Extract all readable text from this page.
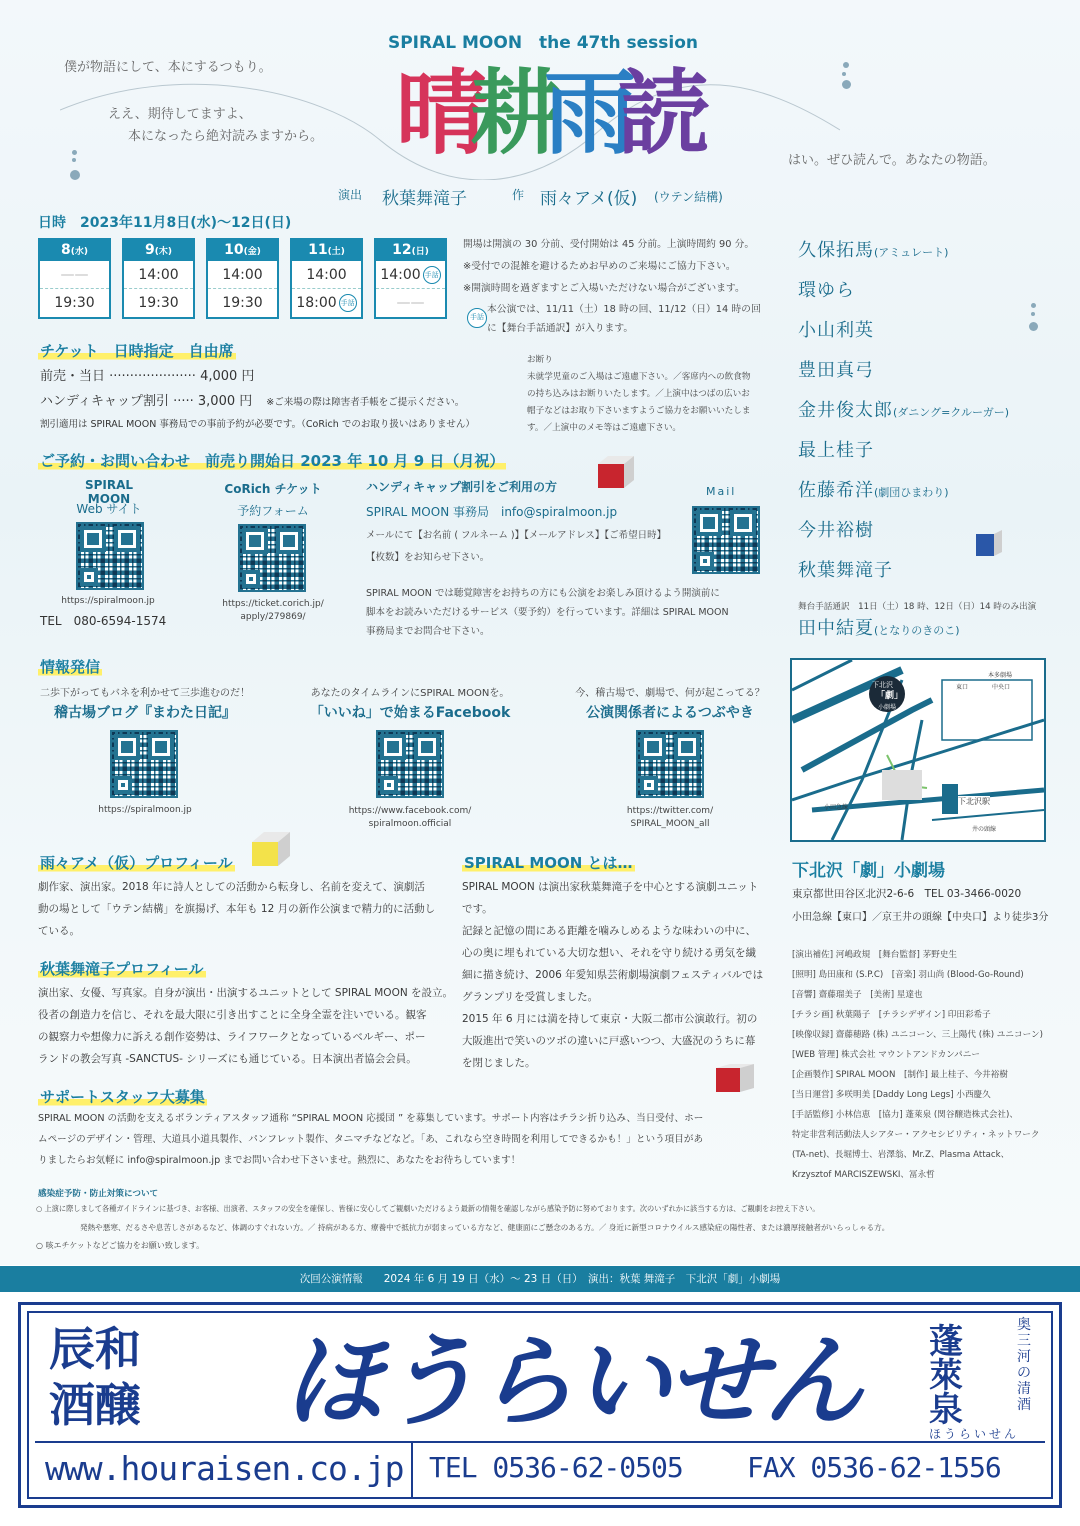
SPIRAL MOON　the 47th session
僕が物語にして、本にするつもり。
ええ、期待してますよ、
本になったら絶対読みますから。
はい。ぜひ読んで。あなたの物語。
晴
耕
雨
読
演出 秋葉舞滝子	作 雨々アメ(仮) (ウテン結構)
日時　2023年11月8日(水)〜12日(日)
8(水)
——
19:30
9(木)
14:00
19:30
10(金)
14:00
19:30
11(土)
14:00
18:00 手話
12(日)
14:00 手話
——
開場は開演の 30 分前、受付開始は 45 分前。上演時間約 90 分。
※受付での混雑を避けるためお早めのご来場にご協力下さい。
※開演時間を過ぎますとご入場いただけない場合がございます。
手話
本公演では、11/11（土）18 時の回、11/12（日）14 時の回
に【舞台手話通訳】が入ります。
チケット　日時指定　自由席
前売・当日 ····················· 4,000 円
ハンディキャップ割引 ····· 3,000 円 ※ご来場の際は障害者手帳をご提示ください。
割引適用は SPIRAL MOON 事務局での事前予約が必要です。（CoRich でのお取り扱いはありません）
お断り
未就学児童のご入場はご遠慮下さい。／客席内への飲食物
の持ち込みはお断りいたします。／上演中はつばの広いお
帽子などはお取り下さいますようご協力をお願いいたしま
す。／上演中のメモ等はご遠慮下さい。
ご予約・お問い合わせ　前売り開始日 2023 年 10 月 9 日（月祝）
SPIRAL MOON
Web サイト
https://spiralmoon.jp
TEL　080-6594-1574
CoRich チケット
予約フォーム
https://ticket.corich.jp/
apply/279869/
ハンディキャップ割引をご利用の方
SPIRAL MOON 事務局　info@spiralmoon.jp
メールにて【お名前 ( フルネーム )】【メールアドレス】【ご希望日時】
【枚数】をお知らせ下さい。
Mail
SPIRAL MOON では聴覚障害をお持ちの方にも公演をお楽しみ頂けるよう開演前に
脚本をお読みいただけるサービス（要予約）を行っています。詳細は SPIRAL MOON
事務局までお問合せ下さい。
情報発信
二歩下がってもバネを利かせて三歩進むのだ！
稽古場ブログ『まわた日記』
https://spiralmoon.jp
あなたのタイムラインにSPIRAL MOONを。
「いいね」で始まるFacebook
https://www.facebook.com/
spiralmoon.official
今、稽古場で、劇場で、何が起こってる？
公演関係者によるつぶやき
https://twitter.com/
SPIRAL_MOON_all
久保拓馬(アミュレート)
環ゆら
小山利英
豊田真弓
金井俊太郎(ダニング=クルーガー)
最上桂子
佐藤希洋(劇団ひまわり)
今井裕樹
秋葉舞滝子
舞台手話通訳　11日（土）18 時、12日（日）14 時のみ出演
田中結夏(となりのきのこ)
下北沢
「劇」
小劇場
小田急線
東口	中央口
下北沢駅
井の頭線
本多劇場
下北沢「劇」小劇場
東京都世田谷区北沢2-6-6　TEL 03-3466-0020
小田急線【東口】／京王井の頭線【中央口】より徒歩3分
[演出補佐] 河嶋政規　[舞台監督] 茅野史生
[照明] 島田康和 (S.P.C)　[音楽] 羽山尚 (Blood-Go-Round)
[音響] 齋藤瑠美子　[美術] 星達也
[チラシ画] 秋葉陽子　[チラシデザイン] 印田彩希子
[映像収録] 齋藤穂路 (株) ユニコーン、三上陽代 (株) ユニコーン)
[WEB 管理] 株式会社 マウントアンドカンパニー
[企画製作] SPIRAL MOON　[制作] 最上桂子、今井裕樹
[当日運営] 多咲明美 [Daddy Long Legs] 小西慶久
[手話監修] 小林信恵　[協力] 蓬萊泉 (関谷醸造株式会社)、
特定非営利活動法人シアター・アクセシビリティ・ネットワーク
(TA-net)、長堀博士、岩澤翁、Mr.Z、Plasma Attack、
Krzysztof MARCISZEWSKI、冨永哲
雨々アメ（仮）プロフィール
劇作家、演出家。2018 年に詩人としての活動から転身し、名前を変えて、演劇活
動の場として「ウテン結構」を旗揚げ、本年も 12 月の新作公演まで精力的に活動し
ている。
秋葉舞滝子プロフィール
演出家、女優、写真家。自身が演出・出演するユニットとして SPIRAL MOON を設立。
役者の創造力を信じ、それを最大限に引き出すことに全身全霊を注いでいる。観客
の観察力や想像力に訴える創作姿勢は、ライフワークとなっているベルギー、ポー
ランドの教会写真 -SANCTUS- シリーズにも通じている。日本演出者協会会員。
SPIRAL MOON とは…
SPIRAL MOON は演出家秋葉舞滝子を中心とする演劇ユニット
です。
記録と記憶の間にある距離を噛みしめるような味わいの中に、
心の奥に埋もれている大切な想い、それを守り続ける勇気を繊
細に描き続け、2006 年愛知県芸術劇場演劇フェスティバルでは
グランプリを受賞しました。
2015 年 6 月には満を持して東京・大阪二都市公演敢行。初の
大阪進出で笑いのツボの違いに戸惑いつつ、大盛況のうちに幕
を閉じました。
サポートスタッフ大募集
SPIRAL MOON の活動を支えるボランティアスタッフ通称 “SPIRAL MOON 応援団 ” を募集しています。サポート内容はチラシ折り込み、当日受付、ホー
ムページのデザイン・管理、大道具小道具製作、パンフレット製作、タニマチなどなど。「あ、これなら空き時間を利用してできるかも！」という項目があ
りましたらお気軽に info@spiralmoon.jp までお問い合わせ下さいませ。熱烈に、あなたをお待ちしています！
感染症予防・防止対策について
○ 上演に際しまして各種ガイドラインに基づき、お客様、出演者、スタッフの安全を確保し、皆様に安心してご観劇いただけるよう最新の情報を確認しながら感染予防に努めております。次のいずれかに該当する方は、ご観劇をお控え下さい。
発熱や悪寒、だるさや息苦しさがあるなど、体調のすぐれない方。／ 持病がある方、療養中で抵抗力が弱まっている方など、健康面にご懸念のある方。／ 身近に新型コロナウイルス感染症の陽性者、または濃厚接触者がいらっしゃる方。
○ 咳エチケットなどご協力をお願い致します。
次回公演情報　　2024 年 6 月 19 日（水）〜 23 日（日）　演出：秋葉 舞滝子　下北沢「劇」小劇場
辰和
酒醸 ほうらいせん 蓬萊泉
奥三河の清酒
ほうらいせん
www.houraisen.co.jp TEL 0536-62-0505 FAX 0536-62-1556
